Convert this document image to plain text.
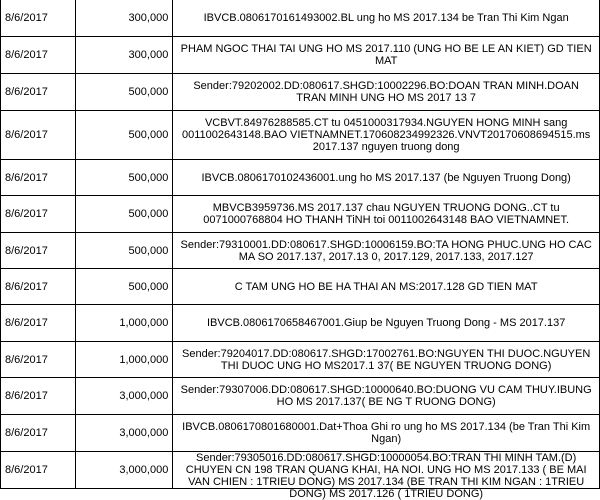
8/6/2017	300,000	IBVCB.0806170161493002.BL ung ho MS 2017.134 be Tran Thi Kim Ngan

8/6/2017	300,000	PHAM NGOC THAI TAI UNG HO MS 2017.110 (UNG HO BE LE AN KIET) GD TIEN MAT

8/6/2017	500,000	Sender:79202002.DD:080617.SHGD:10002296.BO:DOAN TRAN MINH.DOAN TRAN MINH UNG HO MS 2017 13 7

8/6/2017	500,000	VCBVT.84976288585.CT tu 0451000317934.NGUYEN HONG MINH sang 0011002643148.BAO VIETNAMNET.170608234992326.VNVT20170608694515.ms 2017.137 nguyen truong dong

8/6/2017	500,000	IBVCB.0806170102436001.ung ho MS 2017.137 (be Nguyen Truong Dong)

8/6/2017	500,000	MBVCB3959736.MS 2017.137 chau NGUYEN TRUONG DONG..CT tu 0071000768804 HO THANH TiNH toi 0011002643148 BAO VIETNAMNET.

8/6/2017	500,000	Sender:79310001.DD:080617.SHGD:10006159.BO:TA HONG PHUC.UNG HO CAC MA SO 2017.137, 2017.13 0, 2017.129, 2017.133, 2017.127

8/6/2017	500,000	C TAM UNG HO BE HA THAI AN MS:2017.128 GD TIEN MAT

8/6/2017	1,000,000	IBVCB.0806170658467001.Giup be Nguyen Truong Dong - MS 2017.137

8/6/2017	1,000,000	Sender:79204017.DD:080617.SHGD:17002761.BO:NGUYEN THI DUOC.NGUYEN THI DUOC UNG HO MS2017.1 37( BE NGUYEN TRUONG DONG)

8/6/2017	3,000,000	Sender:79307006.DD:080617.SHGD:10000640.BO:DUONG VU CAM THUY.IBUNG HO MS 2017.137( BE NG T RUONG DONG)

8/6/2017	3,000,000	IBVCB.0806170801680001.Dat+Thoa Ghi ro ung ho MS 2017.134 (be Tran Thi Kim Ngan)

8/6/2017	3,000,000	Sender:79305016.DD:080617.SHGD:10000054.BO:TRAN THI MINH TAM.(D) CHUYEN CN 198 TRAN QUANG KHAI, HA NOI. UNG HO MS 2017.133 ( BE MAI VAN CHIEN : 1TRIEU DONG) MS 2017.134 (BE TRAN THI KIM NGAN : 1TRIEU DONG) MS 2017.126 ( 1TRIEU DONG)
